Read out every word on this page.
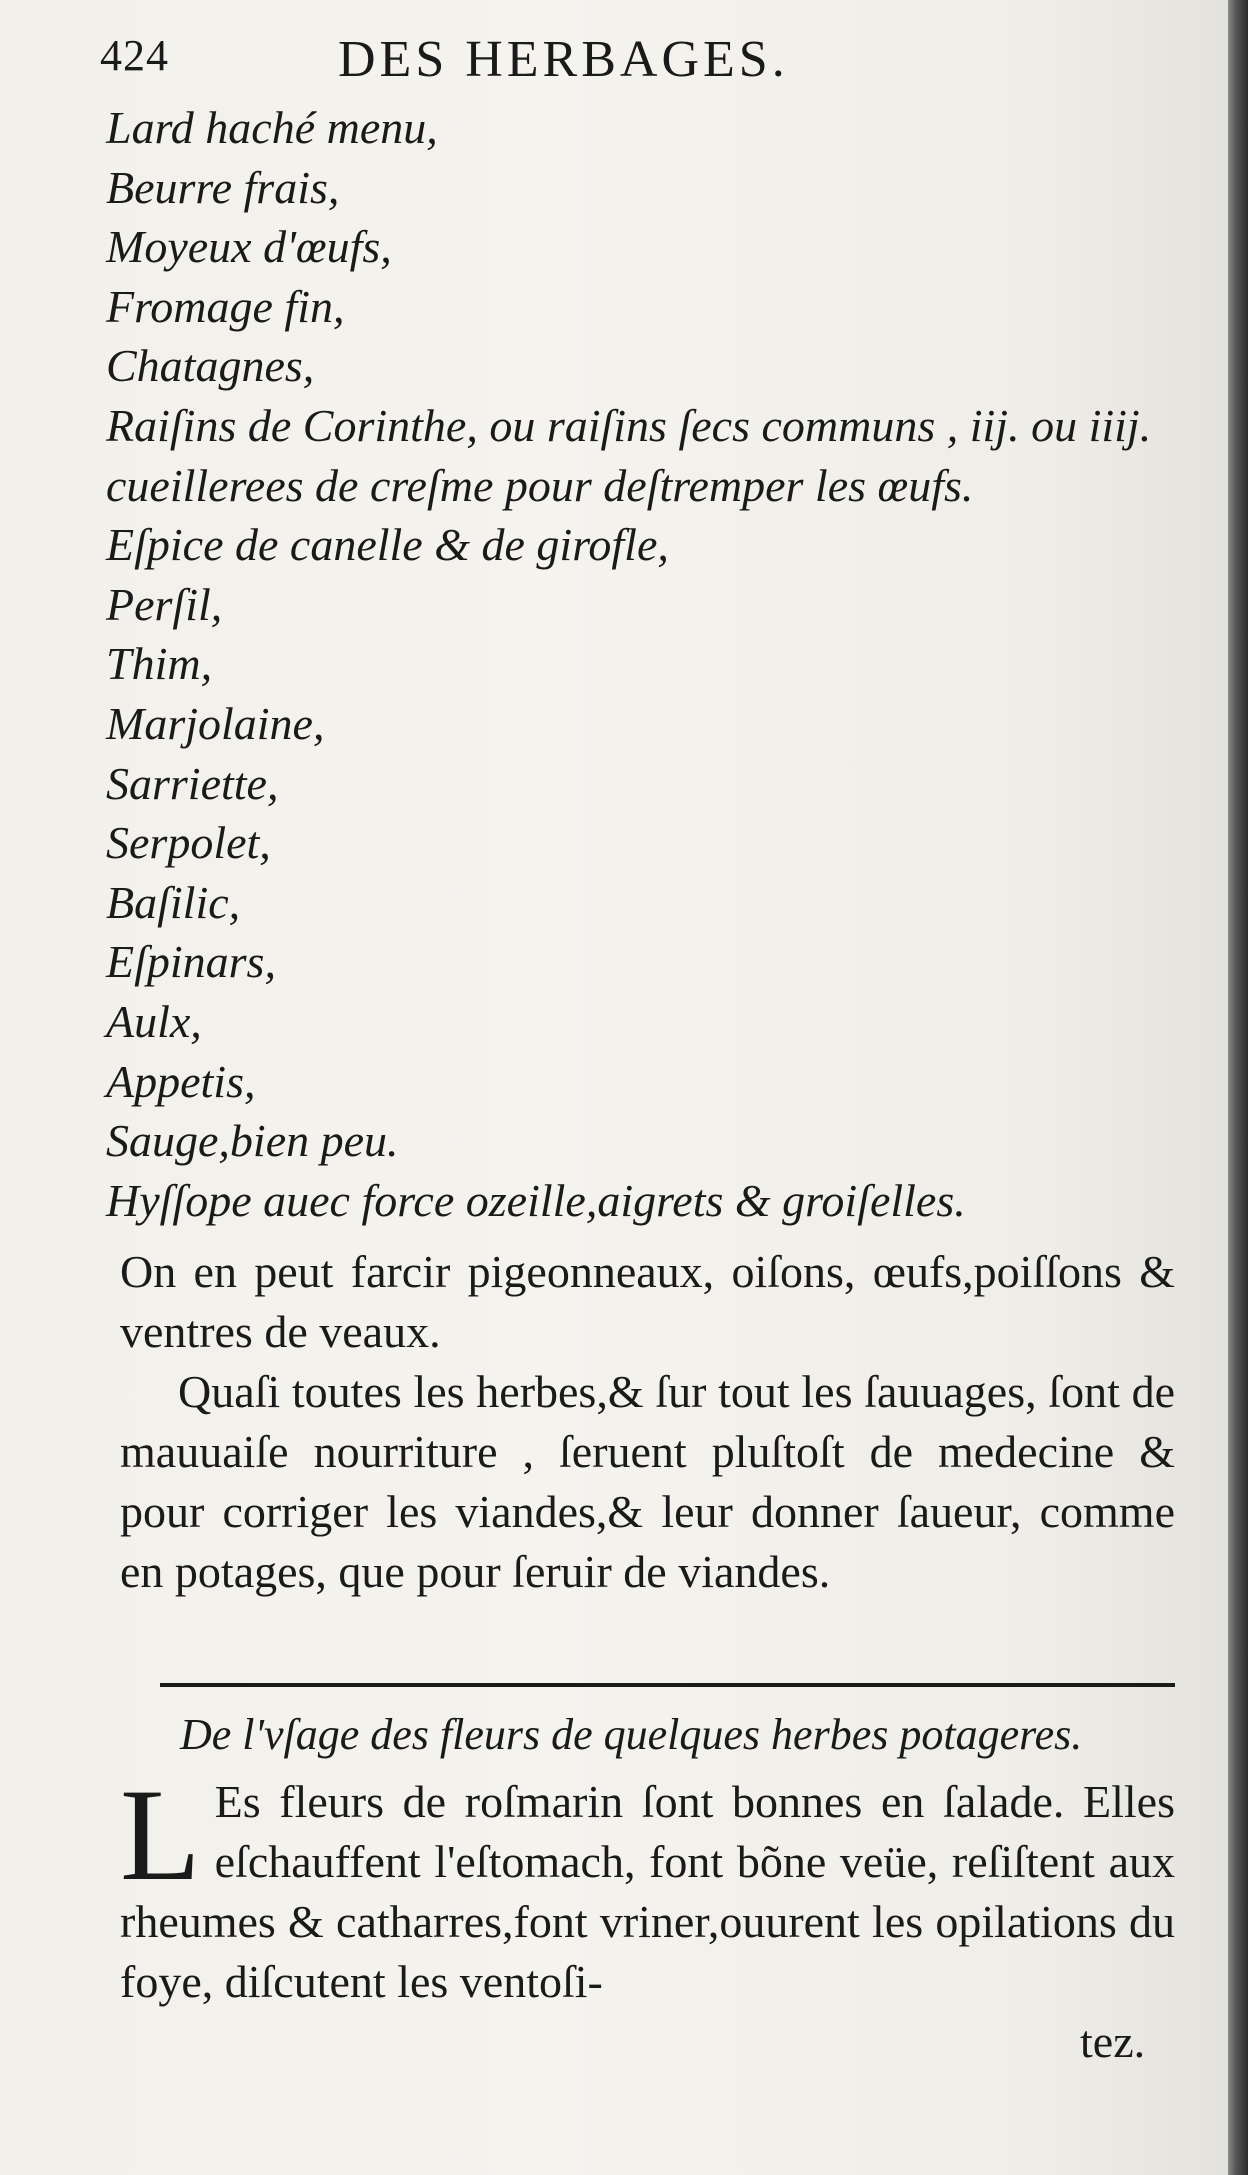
424	DES HERBAGES.
Lard haché menu,
Beurre frais,
Moyeux d'œufs,
Fromage fin,
Chatagnes,
Raiſins de Corinthe, ou raiſins ſecs communs , iij. ou iiij.
cueillerees de creſme pour deſtremper les œufs.
Eſpice de canelle & de girofle,
Perſil,
Thim,
Marjolaine,
Sarriette,
Serpolet,
Baſilic,
Eſpinars,
Aulx,
Appetis,
Sauge,bien peu.
Hyſſope auec force ozeille,aigrets & groiſelles.

On en peut farcir pigeonneaux, oiſons, œufs,poiſſons & ventres de veaux.

Quaſi toutes les herbes,& ſur tout les ſauuages, ſont de mauuaiſe nourriture , ſeruent pluſtoſt de medecine & pour corriger les viandes,& leur donner ſaueur, comme en potages, que pour ſeruir de viandes.

De l'vſage des fleurs de quelques herbes potageres.

L Es fleurs de roſmarin ſont bonnes en ſalade. Elles eſchauffent l'eſtomach, font bõne veüe, reſiſtent aux rheumes & catharres,font vriner,ouurent les opilations du foye, diſcutent les ventoſi-

tez.
